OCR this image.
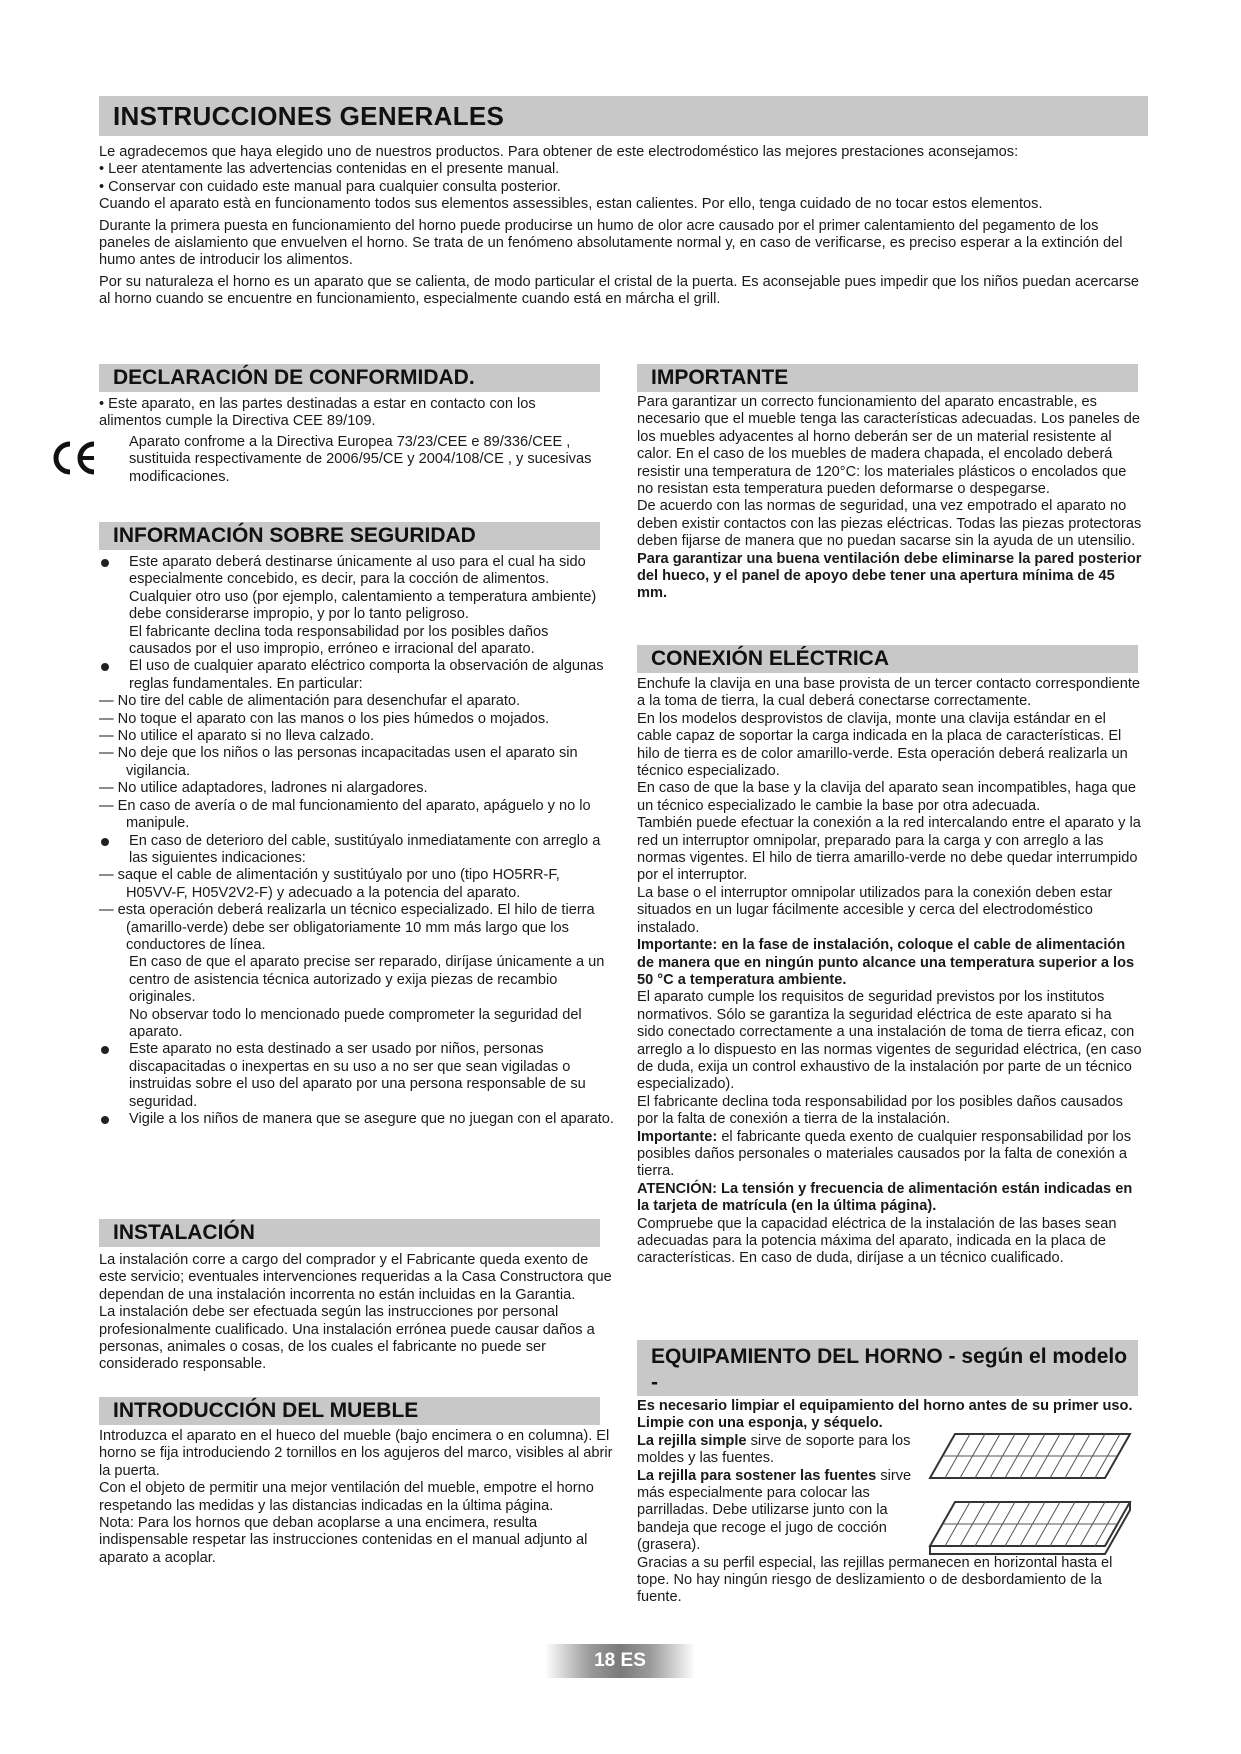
INSTRUCCIONES GENERALES

Le agradecemos que haya elegido uno de nuestros productos. Para obtener de este electrodoméstico las mejores prestaciones aconsejamos:

• Leer atentamente las advertencias contenidas en el presente manual.

• Conservar con cuidado este manual para cualquier consulta posterior.

Cuando el aparato està en funcionamento todos sus elementos assessibles, estan calientes. Por ello, tenga cuidado de no tocar estos elementos.

Durante la primera puesta en funcionamiento del horno puede producirse un humo de olor acre causado por el primer calentamiento del pegamento de los paneles de aislamiento que envuelven el horno. Se trata de un fenómeno absolutamente normal y, en caso de verificarse, es preciso esperar a la extinción del humo antes de introducir los alimentos.

Por su naturaleza el horno es un aparato que se calienta, de modo particular el cristal de la puerta. Es aconsejable pues impedir que los niños puedan acercarse al horno cuando se encuentre en funcionamiento, especialmente cuando está en márcha el grill.

DECLARACIÓN DE CONFORMIDAD.

• Este aparato, en las partes destinadas a estar en contacto con los alimentos cumple la Directiva CEE 89/109.

Aparato confrome a la Directiva Europea 73/23/CEE e 89/336/CEE , sustituida respectivamente de 2006/95/CE y 2004/108/CE , y sucesivas modificaciones.

INFORMACIÓN SOBRE SEGURIDAD
Este aparato deberá destinarse únicamente al uso para el cual ha sido especialmente concebido, es decir, para la cocción de alimentos.

Cualquier otro uso (por ejemplo, calentamiento a temperatura ambiente) debe considerarse impropio, y por lo tanto peligroso.

El fabricante declina toda responsabilidad por los posibles daños causados por el uso impropio, erróneo e irracional del aparato.

El uso de cualquier aparato eléctrico comporta la observación de algunas reglas fundamentales. En particular:

— No tire del cable de alimentación para desenchufar el aparato.

— No toque el aparato con las manos o los pies húmedos o mojados.

— No utilice el aparato si no lleva calzado.

— No deje que los niños o las personas incapacitadas usen el aparato sin vigilancia.

— No utilice adaptadores, ladrones ni alargadores.

— En caso de avería o de mal funcionamiento del aparato, apáguelo y no lo manipule.

En caso de deterioro del cable, sustitúyalo inmediatamente con arreglo a las siguientes indicaciones:

— saque el cable de alimentación y sustitúyalo por uno (tipo HO5RR-F, H05VV-F, H05V2V2-F) y adecuado a la potencia del aparato.

— esta operación deberá realizarla un técnico especializado. El hilo de tierra (amarillo-verde) debe ser obligatoriamente 10 mm más largo que los conductores de línea.

En caso de que el aparato precise ser reparado, diríjase únicamente a un centro de asistencia técnica autorizado y exija piezas de recambio originales.

No observar todo lo mencionado puede comprometer la seguridad del aparato.

Este aparato no esta destinado a ser usado por niños, personas discapacitadas o inexpertas en su uso a no ser que sean vigiladas o instruidas sobre el uso del aparato por una persona responsable de su seguridad.
Vigile a los niños de manera que se asegure que no juegan con el aparato.
INSTALACIÓN

La instalación corre a cargo del comprador y el Fabricante queda exento de este servicio; eventuales intervenciones requeridas a la Casa Constructora que dependan de una instalación incorrenta no están incluidas en la Garantia.

La instalación debe ser efectuada según las instrucciones por personal profesionalmente cualificado. Una instalación errónea puede causar daños a personas, animales o cosas, de los cuales el fabricante no puede ser considerado responsable.

INTRODUCCIÓN DEL MUEBLE

Introduzca el aparato en el hueco del mueble (bajo encimera o en columna). El horno se fija introduciendo 2 tornillos en los agujeros del marco, visibles al abrir la puerta.

Con el objeto de permitir una mejor ventilación del mueble, empotre el horno respetando las medidas y las distancias indicadas en la última página.

Nota: Para los hornos que deban acoplarse a una encimera, resulta indispensable respetar las instrucciones contenidas en el manual adjunto al aparato a acoplar.

IMPORTANTE

Para garantizar un correcto funcionamiento del aparato encastrable, es necesario que el mueble tenga las características adecuadas. Los paneles de los muebles adyacentes al horno deberán ser de un material resistente al calor. En el caso de los muebles de madera chapada, el encolado deberá resistir una temperatura de 120°C: los materiales plásticos o encolados que no resistan esta temperatura pueden deformarse o despegarse.

De acuerdo con las normas de seguridad, una vez empotrado el aparato no deben existir contactos con las piezas eléctricas. Todas las piezas protectoras deben fijarse de manera que no puedan sacarse sin la ayuda de un utensilio.

Para garantizar una buena ventilación debe eliminarse la pared posterior del hueco, y el panel de apoyo debe tener una apertura mínima de 45 mm.

CONEXIÓN ELÉCTRICA

Enchufe la clavija en una base provista de un tercer contacto correspondiente a la toma de tierra, la cual deberá conectarse correctamente.

En los modelos desprovistos de clavija, monte una clavija estándar en el cable capaz de soportar la carga indicada en la placa de características. El hilo de tierra es de color amarillo-verde. Esta operación deberá realizarla un técnico especializado.

En caso de que la base y la clavija del aparato sean incompatibles, haga que un técnico especializado le cambie la base por otra adecuada.

También puede efectuar la conexión a la red intercalando entre el aparato y la red un interruptor omnipolar, preparado para la carga y con arreglo a las normas vigentes. El hilo de tierra amarillo-verde no debe quedar interrumpido por el interruptor.

La base o el interruptor omnipolar utilizados para la conexión deben estar situados en un lugar fácilmente accesible y cerca del electrodoméstico instalado.

Importante: en la fase de instalación, coloque el cable de alimentación de manera que en ningún punto alcance una temperatura superior a los 50 °C a temperatura ambiente.

El aparato cumple los requisitos de seguridad previstos por los institutos normativos. Sólo se garantiza la seguridad eléctrica de este aparato si ha sido conectado correctamente a una instalación de toma de tierra eficaz, con arreglo a lo dispuesto en las normas vigentes de seguridad eléctrica, (en caso de duda, exija un control exhaustivo de la instalación por parte de un técnico especializado).

El fabricante declina toda responsabilidad por los posibles daños causados por la falta de conexión a tierra de la instalación.

Importante: el fabricante queda exento de cualquier responsabilidad por los posibles daños personales o materiales causados por la falta de conexión a tierra.

ATENCIÓN: La tensión y frecuencia de alimentación están indicadas en la tarjeta de matrícula (en la última página).

Compruebe que la capacidad eléctrica de la instalación de las bases sean adecuadas para la potencia máxima del aparato, indicada en la placa de características. En caso de duda, diríjase a un técnico cualificado.

EQUIPAMIENTO DEL HORNO - según el modelo -

Es necesario limpiar el equipamiento del horno antes de su primer uso. Limpie con una esponja, y séquelo.

La rejilla simple sirve de soporte para los moldes y las fuentes.

La rejilla para sostener las fuentes sirve más especialmente para colocar las parrilladas. Debe utilizarse junto con la bandeja que recoge el jugo de cocción (grasera).

Gracias a su perfil especial, las rejillas permanecen en horizontal hasta el tope. No hay ningún riesgo de deslizamiento o de desbordamiento de la fuente.

18 ES
